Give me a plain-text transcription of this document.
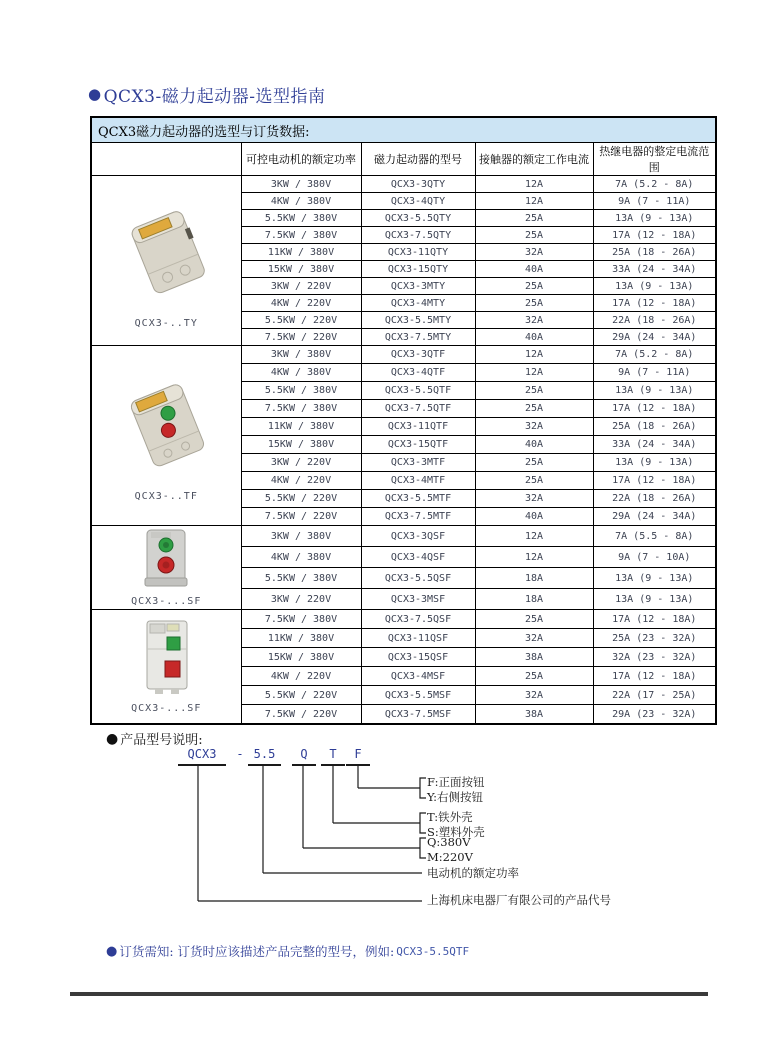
● QCX3-磁力起动器-选型指南
QCX3磁力起动器的选型与订货数据:				
	可控电动机的额定功率	磁力起动器的型号	接触器的额定工作电流	热继电器的整定电流范围

QCX3-..TY	3KW / 380V	QCX3-3QTY	12A	7A (5.2 - 8A)
	4KW / 380V	QCX3-4QTY	12A	9A (7 - 11A)
	5.5KW / 380V	QCX3-5.5QTY	25A	13A (9 - 13A)
	7.5KW / 380V	QCX3-7.5QTY	25A	17A (12 - 18A)
	11KW / 380V	QCX3-11QTY	32A	25A (18 - 26A)
	15KW / 380V	QCX3-15QTY	40A	33A (24 - 34A)
	3KW / 220V	QCX3-3MTY	25A	13A (9 - 13A)
	4KW / 220V	QCX3-4MTY	25A	17A (12 - 18A)
	5.5KW / 220V	QCX3-5.5MTY	32A	22A (18 - 26A)
	7.5KW / 220V	QCX3-7.5MTY	40A	29A (24 - 34A)

QCX3-..TF	3KW / 380V	QCX3-3QTF	12A	7A (5.2 - 8A)
	4KW / 380V	QCX3-4QTF	12A	9A (7 - 11A)
	5.5KW / 380V	QCX3-5.5QTF	25A	13A (9 - 13A)
	7.5KW / 380V	QCX3-7.5QTF	25A	17A (12 - 18A)
	11KW / 380V	QCX3-11QTF	32A	25A (18 - 26A)
	15KW / 380V	QCX3-15QTF	40A	33A (24 - 34A)
	3KW / 220V	QCX3-3MTF	25A	13A (9 - 13A)
	4KW / 220V	QCX3-4MTF	25A	17A (12 - 18A)
	5.5KW / 220V	QCX3-5.5MTF	32A	22A (18 - 26A)
	7.5KW / 220V	QCX3-7.5MTF	40A	29A (24 - 34A)

QCX3-...SF	3KW / 380V	QCX3-3QSF	12A	7A (5.5 - 8A)
	4KW / 380V	QCX3-4QSF	12A	9A (7 - 10A)
	5.5KW / 380V	QCX3-5.5QSF	18A	13A (9 - 13A)
	3KW / 220V	QCX3-3MSF	18A	13A (9 - 13A)

QCX3-...SF	7.5KW / 380V	QCX3-7.5QSF	25A	17A (12 - 18A)
	11KW / 380V	QCX3-11QSF	32A	25A (23 - 32A)
	15KW / 380V	QCX3-15QSF	38A	32A (23 - 32A)
	4KW / 220V	QCX3-4MSF	25A	17A (12 - 18A)
	5.5KW / 220V	QCX3-5.5MSF	32A	22A (17 - 25A)
	7.5KW / 220V	QCX3-7.5MSF	38A	29A (23 - 32A)
● 产品型号说明:
QCX3	- 5.5	Q	T	F
F:正面按钮
Y:右侧按钮
T:铁外壳
S:塑料外壳
Q:380V
M:220V
电动机的额定功率
上海机床电器厂有限公司的产品代号
● 订货需知: 订货时应该描述产品完整的型号，例如: QCX3-5.5QTF
